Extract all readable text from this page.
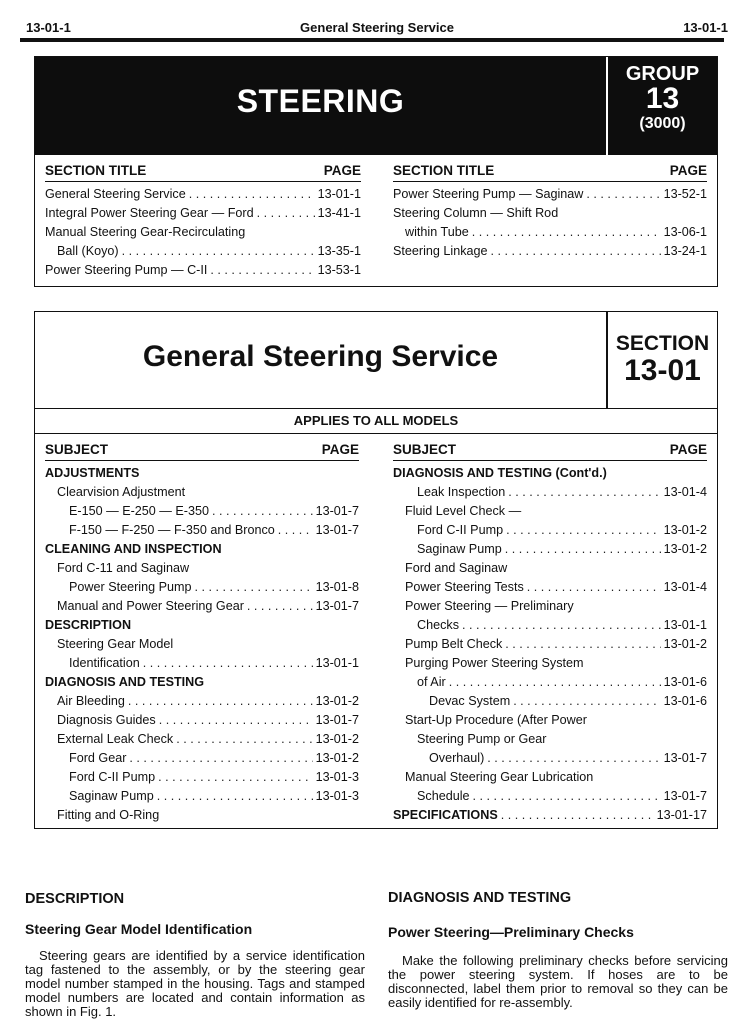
13-01-1	General Steering Service	13-01-1
STEERING
GROUP
13
(3000)
SECTION TITLE	PAGE
General Steering Service . . .	13-01-1
Integral Power Steering Gear — Ford . . .	13-41-1
Manual Steering Gear-Recirculating
Ball (Koyo) . . .	13-35-1
Power Steering Pump — C-II . . .	13-53-1
SECTION TITLE	PAGE
Power Steering Pump — Saginaw . . .	13-52-1
Steering Column — Shift Rod
within Tube . . .	13-06-1
Steering Linkage . . .	13-24-1
General Steering Service	SECTION
13-01
APPLIES TO ALL MODELS
SUBJECT	PAGE
ADJUSTMENTS
Clearvision Adjustment
E-150 — E-250 — E-350 . . .	13-01-7
F-150 — F-250 — F-350 and Bronco . . .	13-01-7
CLEANING AND INSPECTION
Ford C-11 and Saginaw
Power Steering Pump . . .	13-01-8
Manual and Power Steering Gear . . .	13-01-7
DESCRIPTION
Steering Gear Model
Identification . . .	13-01-1
DIAGNOSIS AND TESTING
Air Bleeding . . .	13-01-2
Diagnosis Guides . . .	13-01-7
External Leak Check . . .	13-01-2
Ford Gear . . .	13-01-2
Ford C-II Pump . . .	13-01-3
Saginaw Pump . . .	13-01-3
Fitting and O-Ring
SUBJECT	PAGE
DIAGNOSIS AND TESTING (Cont'd.)
Leak Inspection . . .	13-01-4
Fluid Level Check —
Ford C-II Pump . . .	13-01-2
Saginaw Pump . . .	13-01-2
Ford and Saginaw
Power Steering Tests . . .	13-01-4
Power Steering — Preliminary
Checks . . .	13-01-1
Pump Belt Check . . .	13-01-2
Purging Power Steering System
of Air . . .	13-01-6
Devac System . . .	13-01-6
Start-Up Procedure (After Power
Steering Pump or Gear
Overhaul) . . .	13-01-7
Manual Steering Gear Lubrication
Schedule . . .	13-01-7
SPECIFICATIONS . . .	13-01-17
DESCRIPTION
Steering Gear Model Identification

Steering gears are identified by a service identification tag fastened to the assembly, or by the steering gear model number stamped in the housing. Tags and stamped model numbers are located and contain information as shown in Fig. 1.

DIAGNOSIS AND TESTING
Power Steering—Preliminary Checks

Make the following preliminary checks before servicing the power steering system. If hoses are to be disconnected, label them prior to removal so they can be easily identified for re-assembly.
